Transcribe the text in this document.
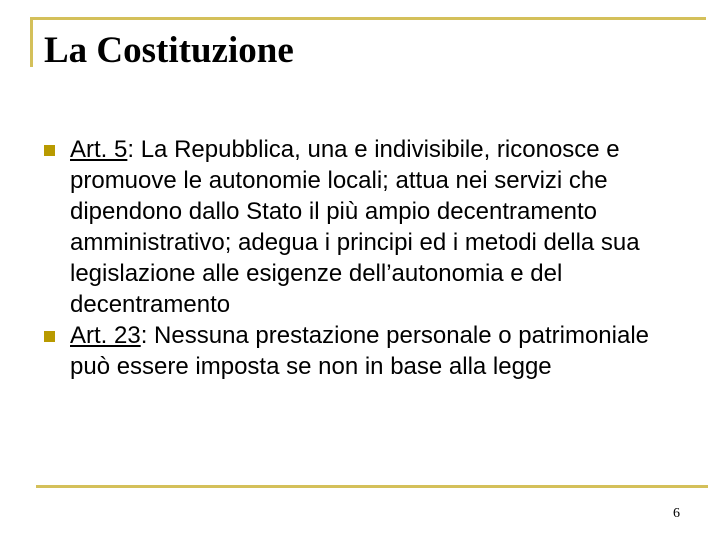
La Costituzione
Art. 5: La Repubblica, una e indivisibile, riconosce e promuove le autonomie locali; attua nei servizi che dipendono dallo Stato il più ampio decentramento amministrativo; adegua i principi ed i metodi della sua legislazione alle esigenze dell’autonomia e del decentramento
Art. 23: Nessuna prestazione personale o patrimoniale può essere imposta se non in base alla legge
6
